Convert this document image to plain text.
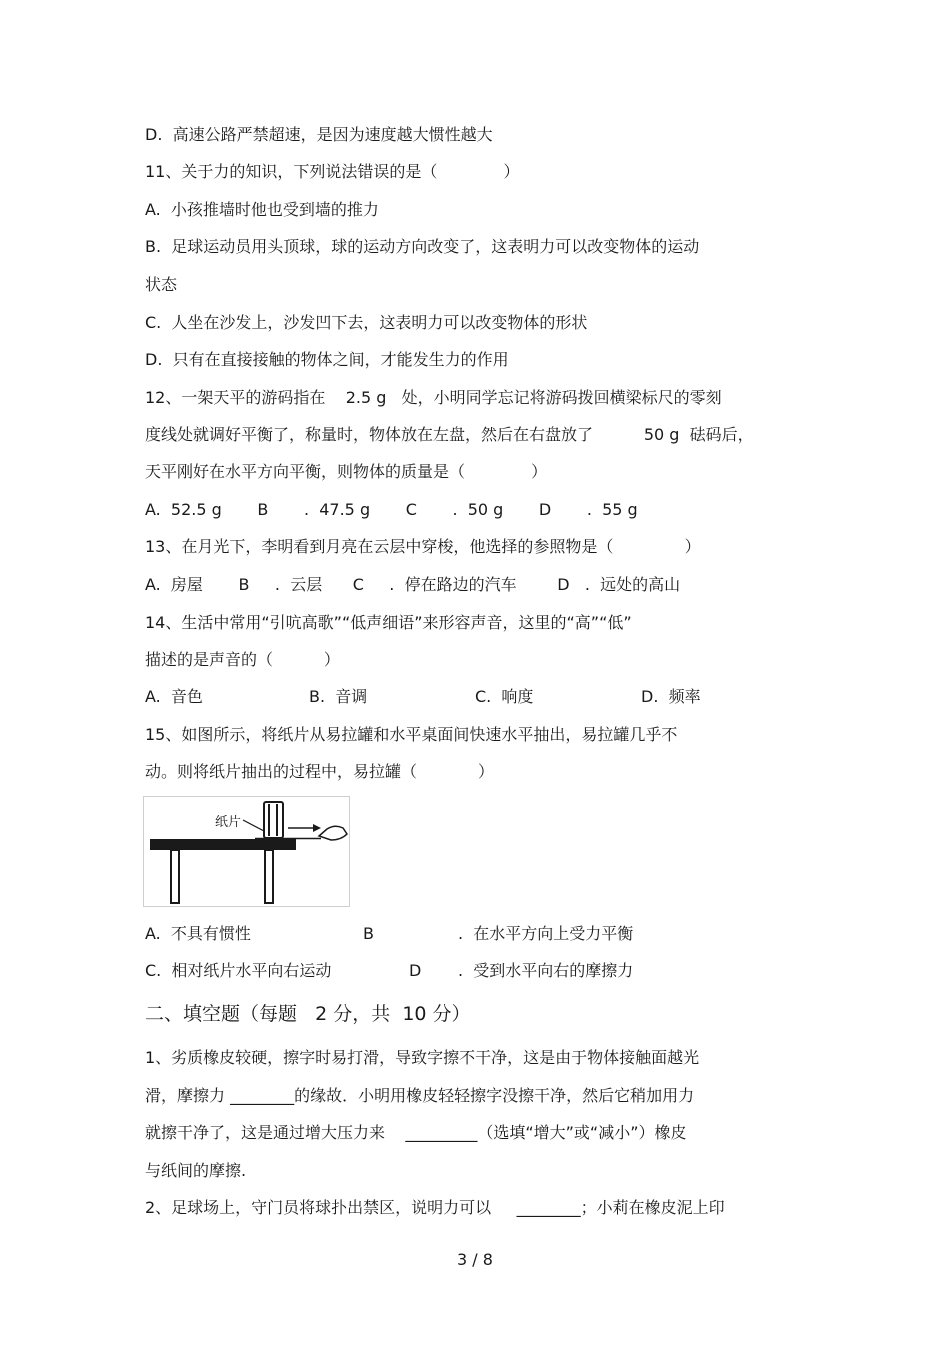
D.  高速公路严禁超速，是因为速度越大惯性越大
11、关于力的知识，下列说法错误的是（             ）
A.  小孩推墙时他也受到墙的推力
B.  足球运动员用头顶球，球的运动方向改变了，这表明力可以改变物体的运动
状态
C.  人坐在沙发上，沙发凹下去，这表明力可以改变物体的形状
D.  只有在直接接触的物体之间，才能发生力的作用
12、一架天平的游码指在    2.5 g   处，小明同学忘记将游码拨回横梁标尺的零刻
度线处就调好平衡了，称量时，物体放在左盘，然后在右盘放了          50 g  砝码后，
天平刚好在水平方向平衡，则物体的质量是（             ）
A.  52.5 g       B       .  47.5 g       C       .  50 g       D       .  55 g
13、在月光下，李明看到月亮在云层中穿梭，他选择的参照物是（              ）
A.  房屋       B     .  云层      C     .  停在路边的汽车        D   .  远处的高山
14、生活中常用“引吭高歌”“低声细语”来形容声音，这里的“高”“低”
描述的是声音的（          ）
A.  音色	B.  音调	C.  响度	D.  频率
15、如图所示，将纸片从易拉罐和水平桌面间快速水平抽出，易拉罐几乎不
动。则将纸片抽出的过程中，易拉罐（            ）
纸片
A.  不具有惯性	B	.  在水平方向上受力平衡
C.  相对纸片水平向右运动	D .  受到水平向右的摩擦力
二、填空题（每题   2 分，共  10 分）
1、劣质橡皮较硬，擦字时易打滑，导致字擦不干净，这是由于物体接触面越光
滑，摩擦力 ________的缘故．小明用橡皮轻轻擦字没擦干净，然后它稍加用力
就擦干净了，这是通过增大压力来    _________（选填“增大”或“减小”）橡皮
与纸间的摩擦.
2、足球场上，守门员将球扑出禁区，说明力可以     ________；小莉在橡皮泥上印
3 / 8
